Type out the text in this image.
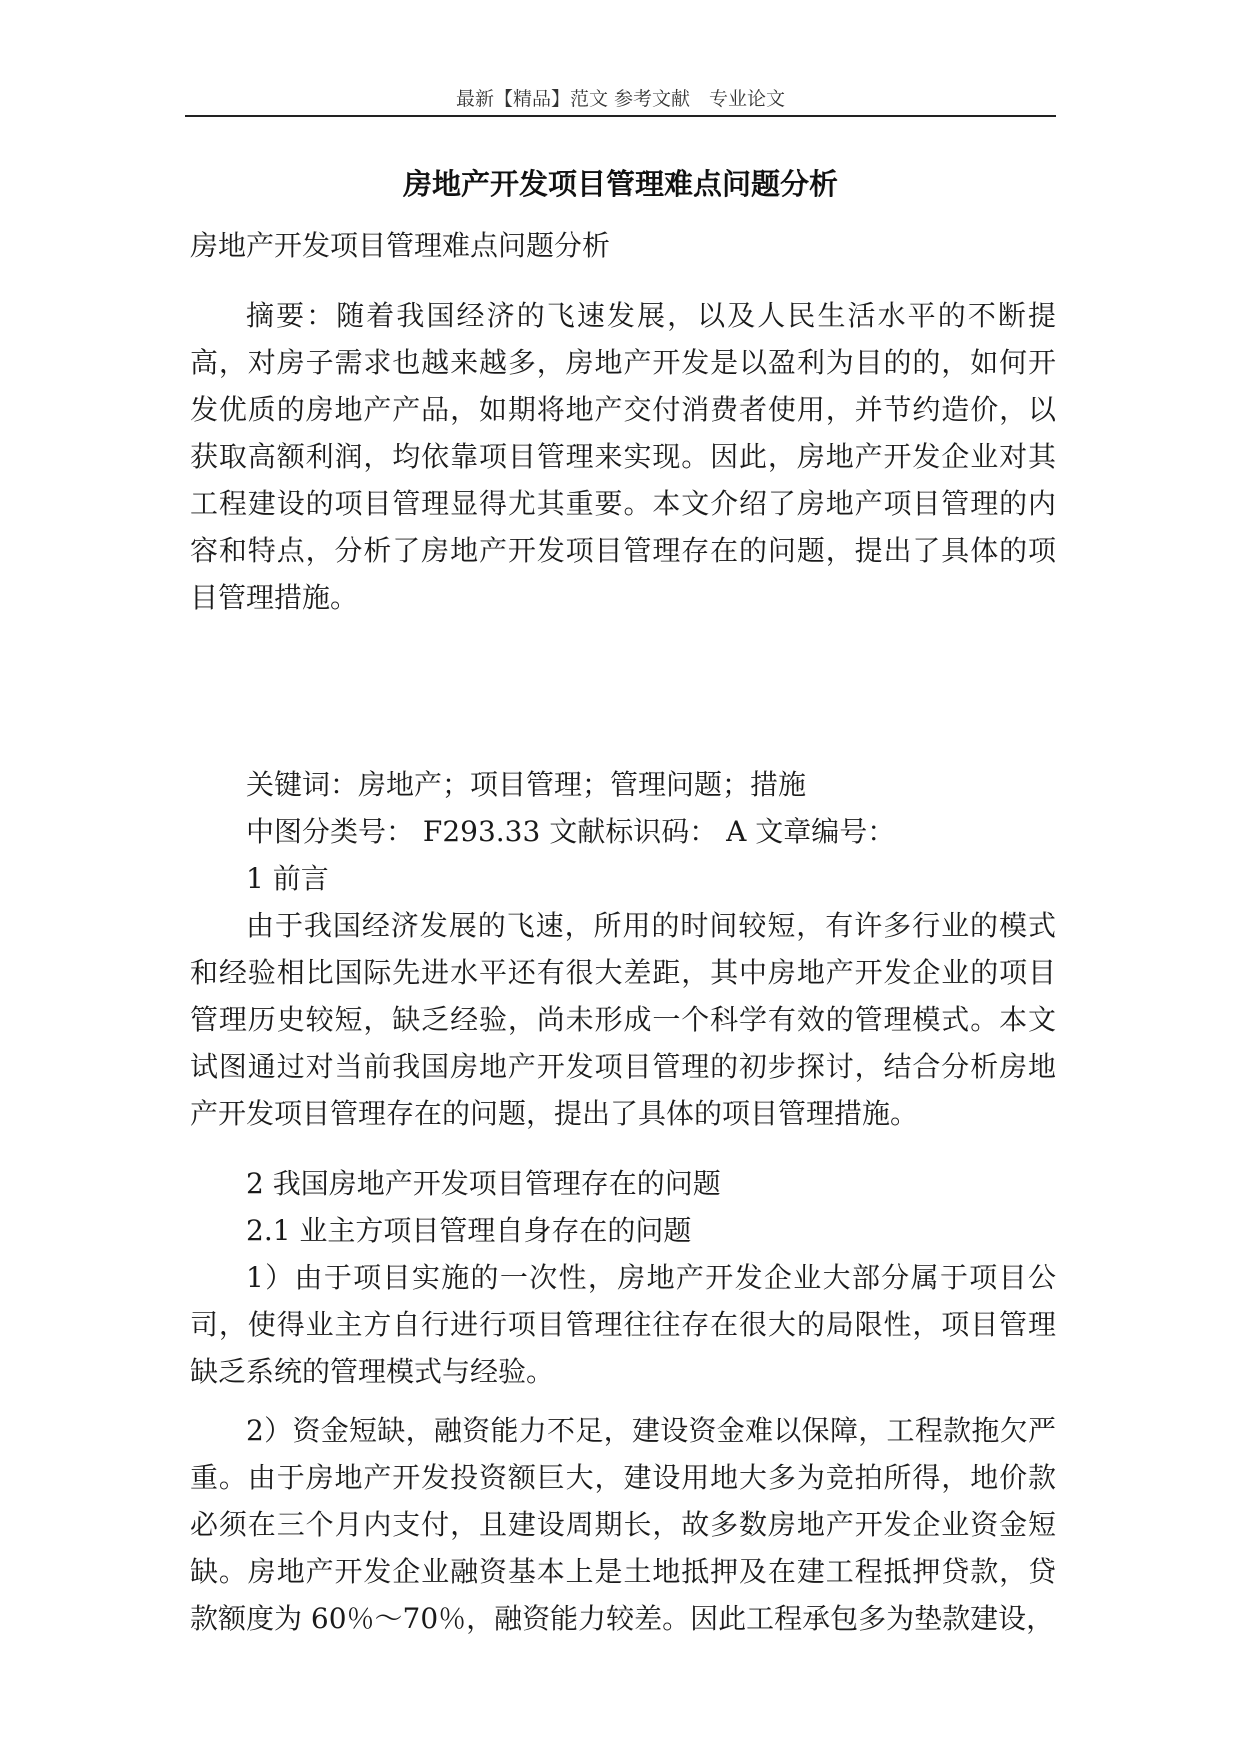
最新【精品】范文 参考文献　专业论文
房地产开发项目管理难点问题分析

房地产开发项目管理难点问题分析

摘要：随着我国经济的飞速发展，以及人民生活水平的不断提高，对房子需求也越来越多，房地产开发是以盈利为目的的，如何开发优质的房地产产品，如期将地产交付消费者使用，并节约造价，以获取高额利润，均依靠项目管理来实现。因此，房地产开发企业对其工程建设的项目管理显得尤其重要。本文介绍了房地产项目管理的内容和特点，分析了房地产开发项目管理存在的问题，提出了具体的项目管理措施。

关键词：房地产；项目管理；管理问题；措施

中图分类号： F293.33 文献标识码： A 文章编号：

1 前言

由于我国经济发展的飞速，所用的时间较短，有许多行业的模式和经验相比国际先进水平还有很大差距，其中房地产开发企业的项目管理历史较短，缺乏经验，尚未形成一个科学有效的管理模式。本文试图通过对当前我国房地产开发项目管理的初步探讨，结合分析房地产开发项目管理存在的问题，提出了具体的项目管理措施。

2 我国房地产开发项目管理存在的问题

2.1 业主方项目管理自身存在的问题

1）由于项目实施的一次性，房地产开发企业大部分属于项目公司，使得业主方自行进行项目管理往往存在很大的局限性，项目管理缺乏系统的管理模式与经验。

2）资金短缺，融资能力不足，建设资金难以保障，工程款拖欠严重。由于房地产开发投资额巨大，建设用地大多为竞拍所得，地价款必须在三个月内支付，且建设周期长，故多数房地产开发企业资金短缺。房地产开发企业融资基本上是土地抵押及在建工程抵押贷款，贷款额度为 60％～70％，融资能力较差。因此工程承包多为垫款建设，
